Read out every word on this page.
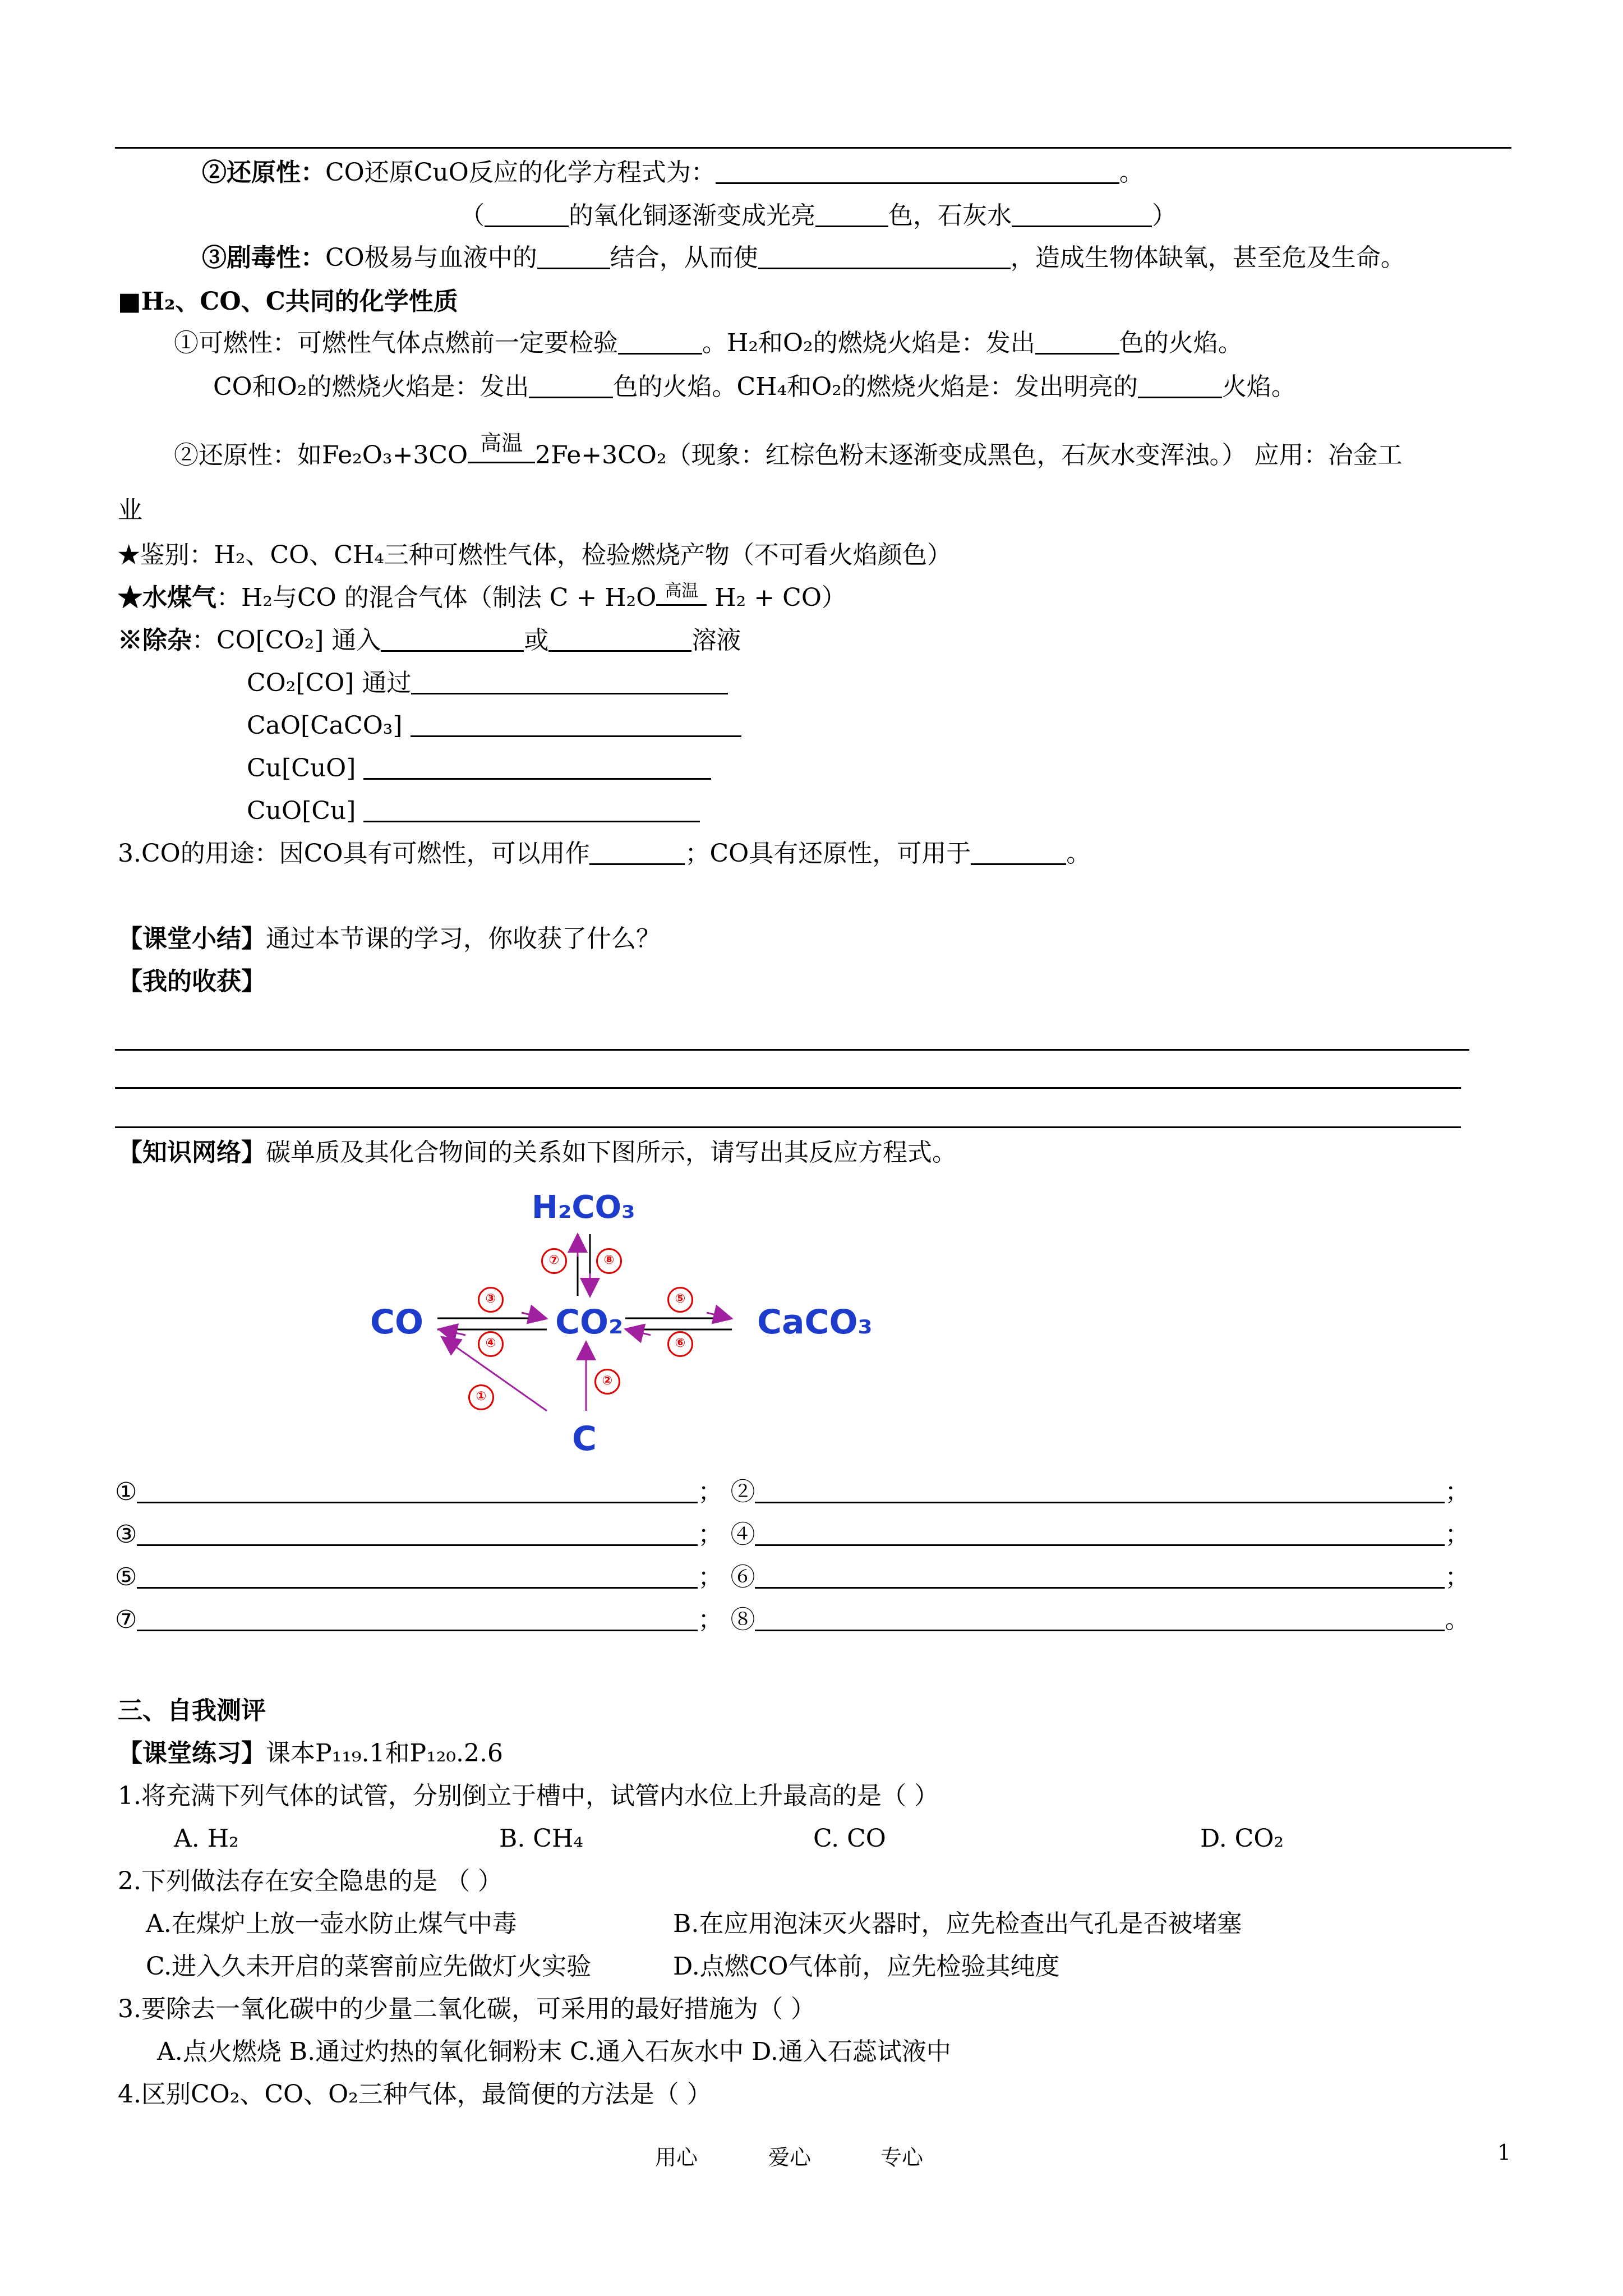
②还原性：CO还原CuO反应的化学方程式为：	。
（	的氧化铜逐渐变成光亮	色，石灰水	）
③剧毒性：CO极易与血液中的	结合，从而使	，造成生物体缺氧，甚至危及生命。
■H₂、CO、C共同的化学性质
①可燃性：可燃性气体点燃前一定要检验	。H₂和O₂的燃烧火焰是：发出	色的火焰。
CO和O₂的燃烧火焰是：发出	色的火焰。CH₄和O₂的燃烧火焰是：发出明亮的	火焰。
②还原性：如Fe₂O₃+3CO 高温 2Fe+3CO₂（现象：红棕色粉末逐渐变成黑色，石灰水变浑浊。） 应用：冶金工
业
★鉴别：H₂、CO、CH₄三种可燃性气体，检验燃烧产物（不可看火焰颜色）
★水煤气：H₂与CO 的混合气体（制法 C + H₂O 高温 H₂ + CO）
※除杂：CO[CO₂] 通入	或	溶液
CO₂[CO] 通过
CaO[CaCO₃]
Cu[CuO]
CuO[Cu]
3.CO的用途：因CO具有可燃性，可以用作	；CO具有还原性，可用于	。
【课堂小结】通过本节课的学习，你收获了什么？
【我的收获】
【知识网络】碳单质及其化合物间的关系如下图所示，请写出其反应方程式。
H₂CO₃
CO	CO₂	CaCO₃
C
③
④
⑤
⑥
⑦	⑧
①
②
①	； ②	；
③	； ④	；
⑤	； ⑥	；
⑦	； ⑧	。
三、自我测评
【课堂练习】课本P₁₁₉.1和P₁₂₀.2.6
1.将充满下列气体的试管，分别倒立于槽中，试管内水位上升最高的是（ ）
A. H₂	B. CH₄	C. CO	D. CO₂
2.下列做法存在安全隐患的是 （ ）
A.在煤炉上放一壶水防止煤气中毒	B.在应用泡沫灭火器时，应先检查出气孔是否被堵塞
C.进入久未开启的菜窖前应先做灯火实验	D.点燃CO气体前，应先检验其纯度
3.要除去一氧化碳中的少量二氧化碳，可采用的最好措施为（ ）
A.点火燃烧 B.通过灼热的氧化铜粉末 C.通入石灰水中 D.通入石蕊试液中
4.区别CO₂、CO、O₂三种气体，最简便的方法是（ ）
用心	爱心	专心	1
